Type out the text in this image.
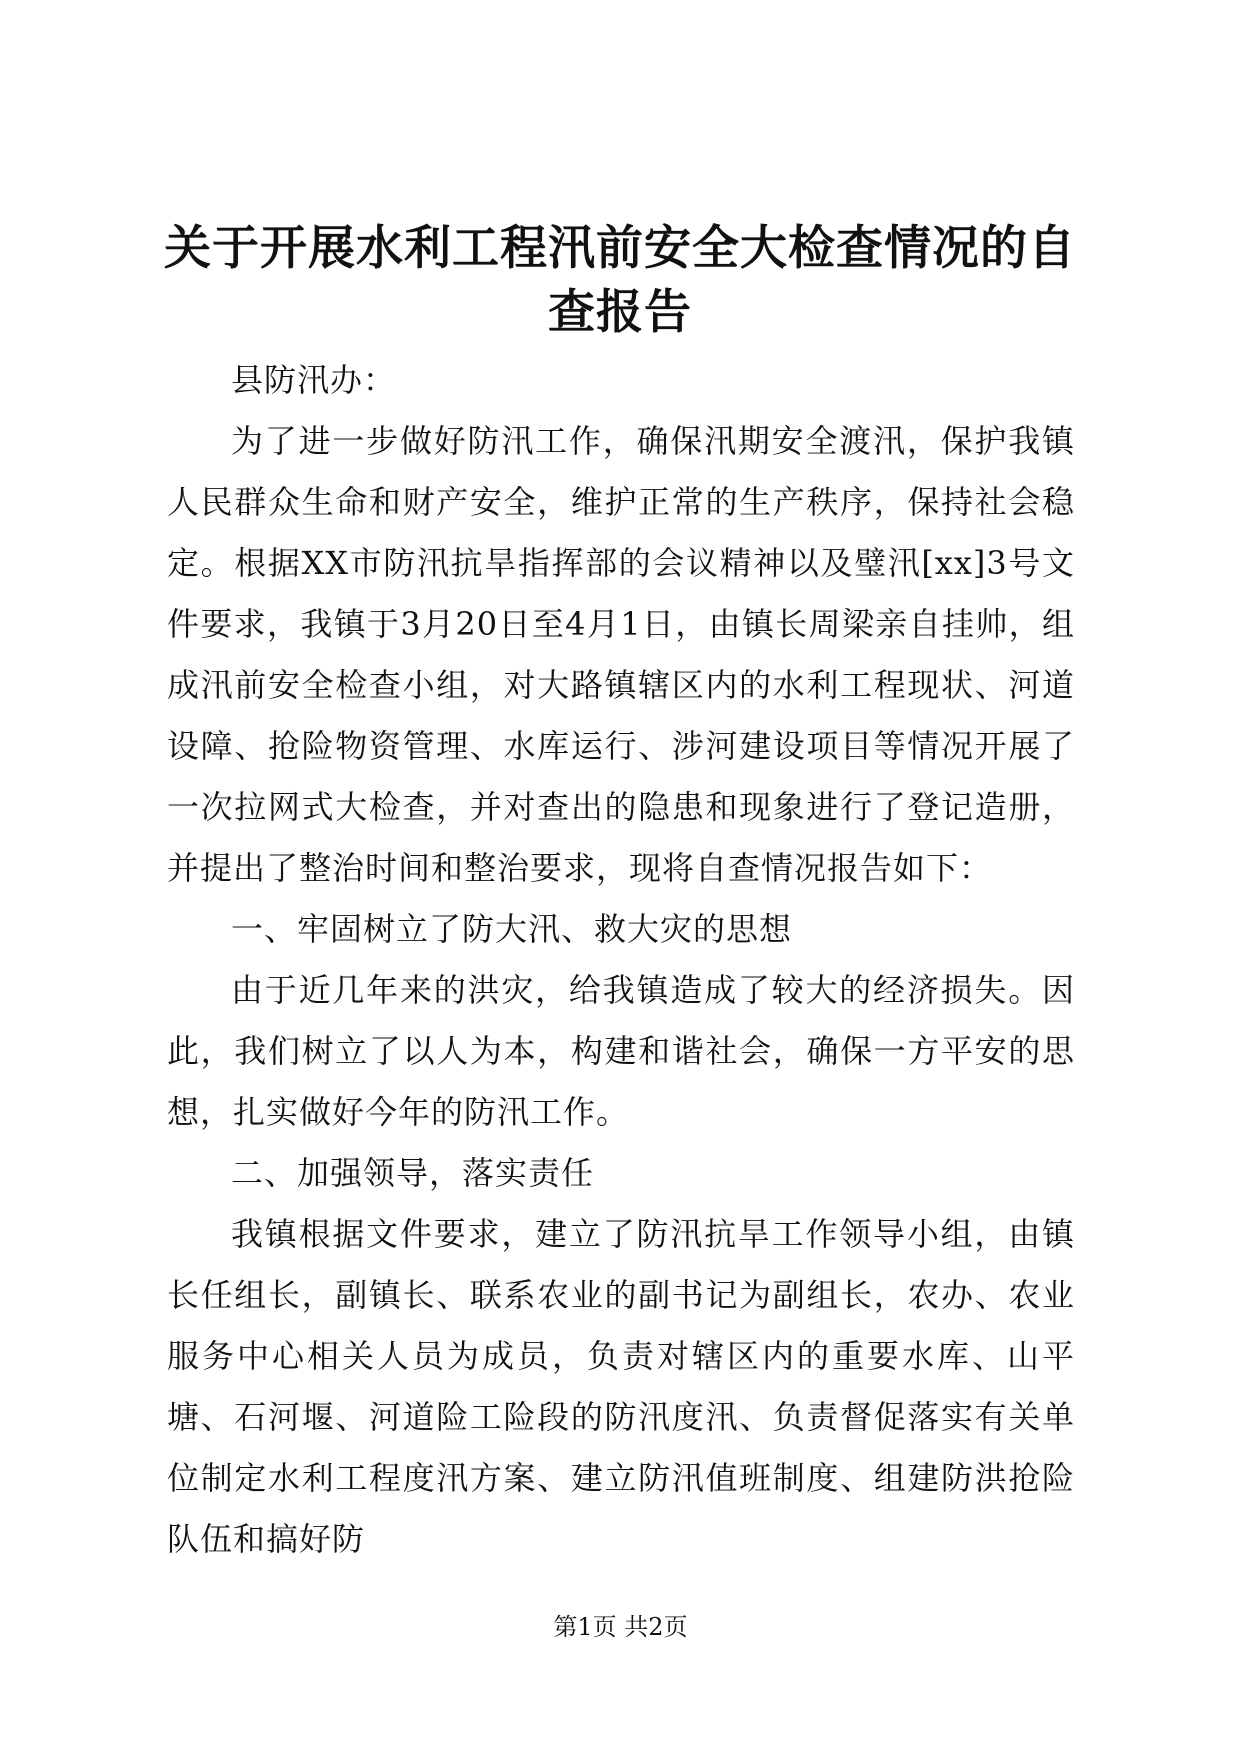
关于开展水利工程汛前安全大检查情况的自查报告

县防汛办：

为了进一步做好防汛工作，确保汛期安全渡汛，保护我镇人民群众生命和财产安全，维护正常的生产秩序，保持社会稳定。根据XX市防汛抗旱指挥部的会议精神以及璧汛[xx]3号文件要求，我镇于3月20日至4月1日，由镇长周梁亲自挂帅，组成汛前安全检查小组，对大路镇辖区内的水利工程现状、河道设障、抢险物资管理、水库运行、涉河建设项目等情况开展了一次拉网式大检查，并对查出的隐患和现象进行了登记造册，并提出了整治时间和整治要求，现将自查情况报告如下：

一、牢固树立了防大汛、救大灾的思想

由于近几年来的洪灾，给我镇造成了较大的经济损失。因此，我们树立了以人为本，构建和谐社会，确保一方平安的思想，扎实做好今年的防汛工作。

二、加强领导，落实责任

我镇根据文件要求，建立了防汛抗旱工作领导小组，由镇长任组长，副镇长、联系农业的副书记为副组长，农办、农业服务中心相关人员为成员，负责对辖区内的重要水库、山平塘、石河堰、河道险工险段的防汛度汛、负责督促落实有关单位制定水利工程度汛方案、建立防汛值班制度、组建防洪抢险队伍和搞好防

第1页 共2页
